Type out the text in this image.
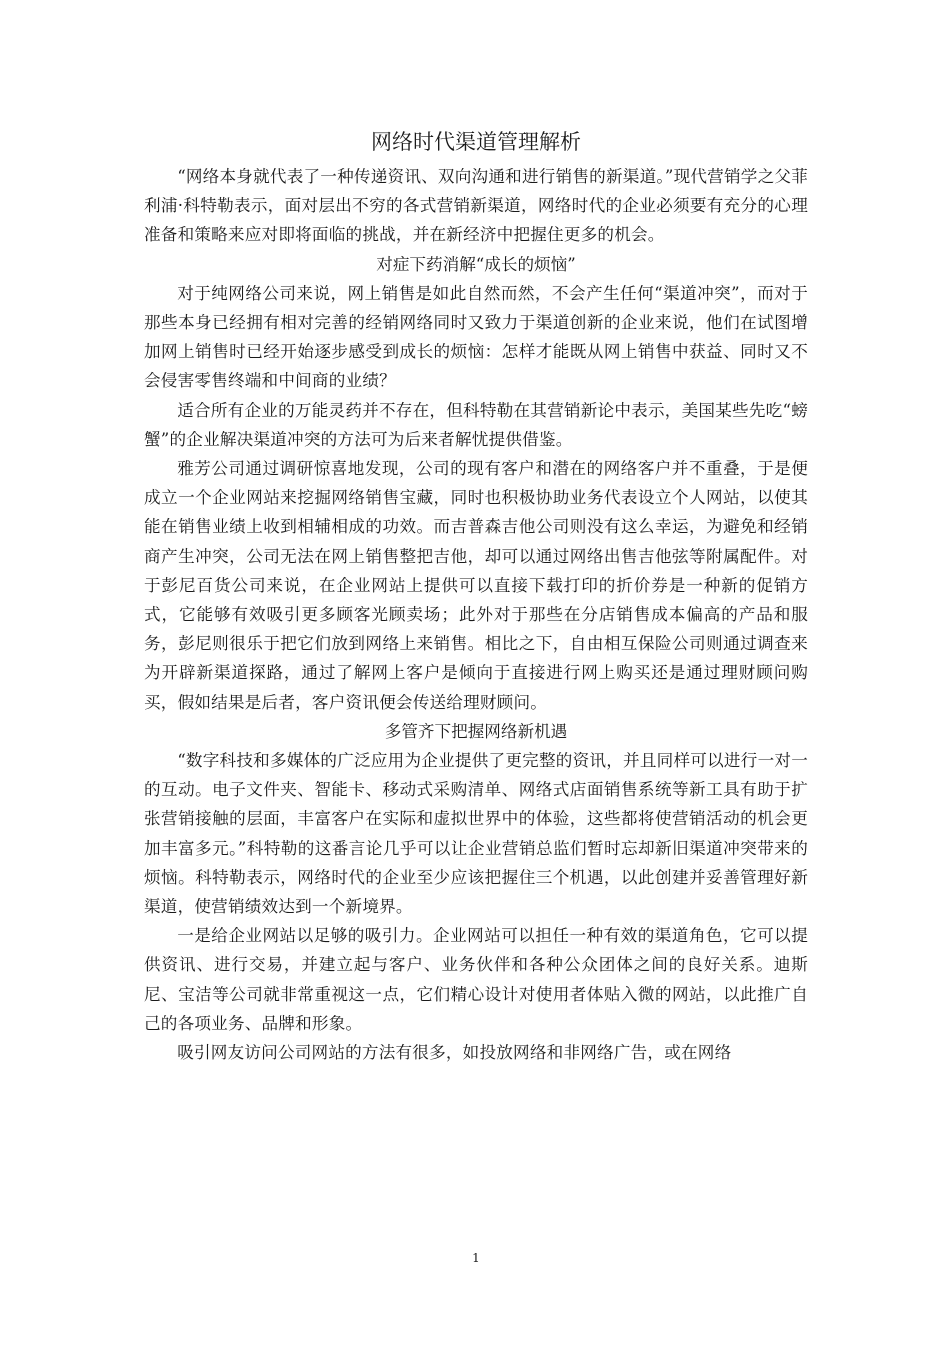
网络时代渠道管理解析

“网络本身就代表了一种传递资讯、双向沟通和进行销售的新渠道。”现代营销学之父菲利浦·科特勒表示，面对层出不穷的各式营销新渠道，网络时代的企业必须要有充分的心理准备和策略来应对即将面临的挑战，并在新经济中把握住更多的机会。

对症下药消解“成长的烦恼”

对于纯网络公司来说，网上销售是如此自然而然，不会产生任何“渠道冲突”，而对于那些本身已经拥有相对完善的经销网络同时又致力于渠道创新的企业来说，他们在试图增加网上销售时已经开始逐步感受到成长的烦恼：怎样才能既从网上销售中获益、同时又不会侵害零售终端和中间商的业绩？

适合所有企业的万能灵药并不存在，但科特勒在其营销新论中表示，美国某些先吃“螃蟹”的企业解决渠道冲突的方法可为后来者解忧提供借鉴。

雅芳公司通过调研惊喜地发现，公司的现有客户和潜在的网络客户并不重叠，于是便成立一个企业网站来挖掘网络销售宝藏，同时也积极协助业务代表设立个人网站，以使其能在销售业绩上收到相辅相成的功效。而吉普森吉他公司则没有这么幸运，为避免和经销商产生冲突，公司无法在网上销售整把吉他，却可以通过网络出售吉他弦等附属配件。对于彭尼百货公司来说，在企业网站上提供可以直接下载打印的折价券是一种新的促销方式，它能够有效吸引更多顾客光顾卖场；此外对于那些在分店销售成本偏高的产品和服务，彭尼则很乐于把它们放到网络上来销售。相比之下，自由相互保险公司则通过调查来为开辟新渠道探路，通过了解网上客户是倾向于直接进行网上购买还是通过理财顾问购买，假如结果是后者，客户资讯便会传送给理财顾问。

多管齐下把握网络新机遇

“数字科技和多媒体的广泛应用为企业提供了更完整的资讯，并且同样可以进行一对一的互动。电子文件夹、智能卡、移动式采购清单、网络式店面销售系统等新工具有助于扩张营销接触的层面，丰富客户在实际和虚拟世界中的体验，这些都将使营销活动的机会更加丰富多元。”科特勒的这番言论几乎可以让企业营销总监们暂时忘却新旧渠道冲突带来的烦恼。科特勒表示，网络时代的企业至少应该把握住三个机遇，以此创建并妥善管理好新渠道，使营销绩效达到一个新境界。

一是给企业网站以足够的吸引力。企业网站可以担任一种有效的渠道角色，它可以提供资讯、进行交易，并建立起与客户、业务伙伴和各种公众团体之间的良好关系。迪斯尼、宝洁等公司就非常重视这一点，它们精心设计对使用者体贴入微的网站，以此推广自己的各项业务、品牌和形象。

吸引网友访问公司网站的方法有很多，如投放网络和非网络广告，或在网络

1
